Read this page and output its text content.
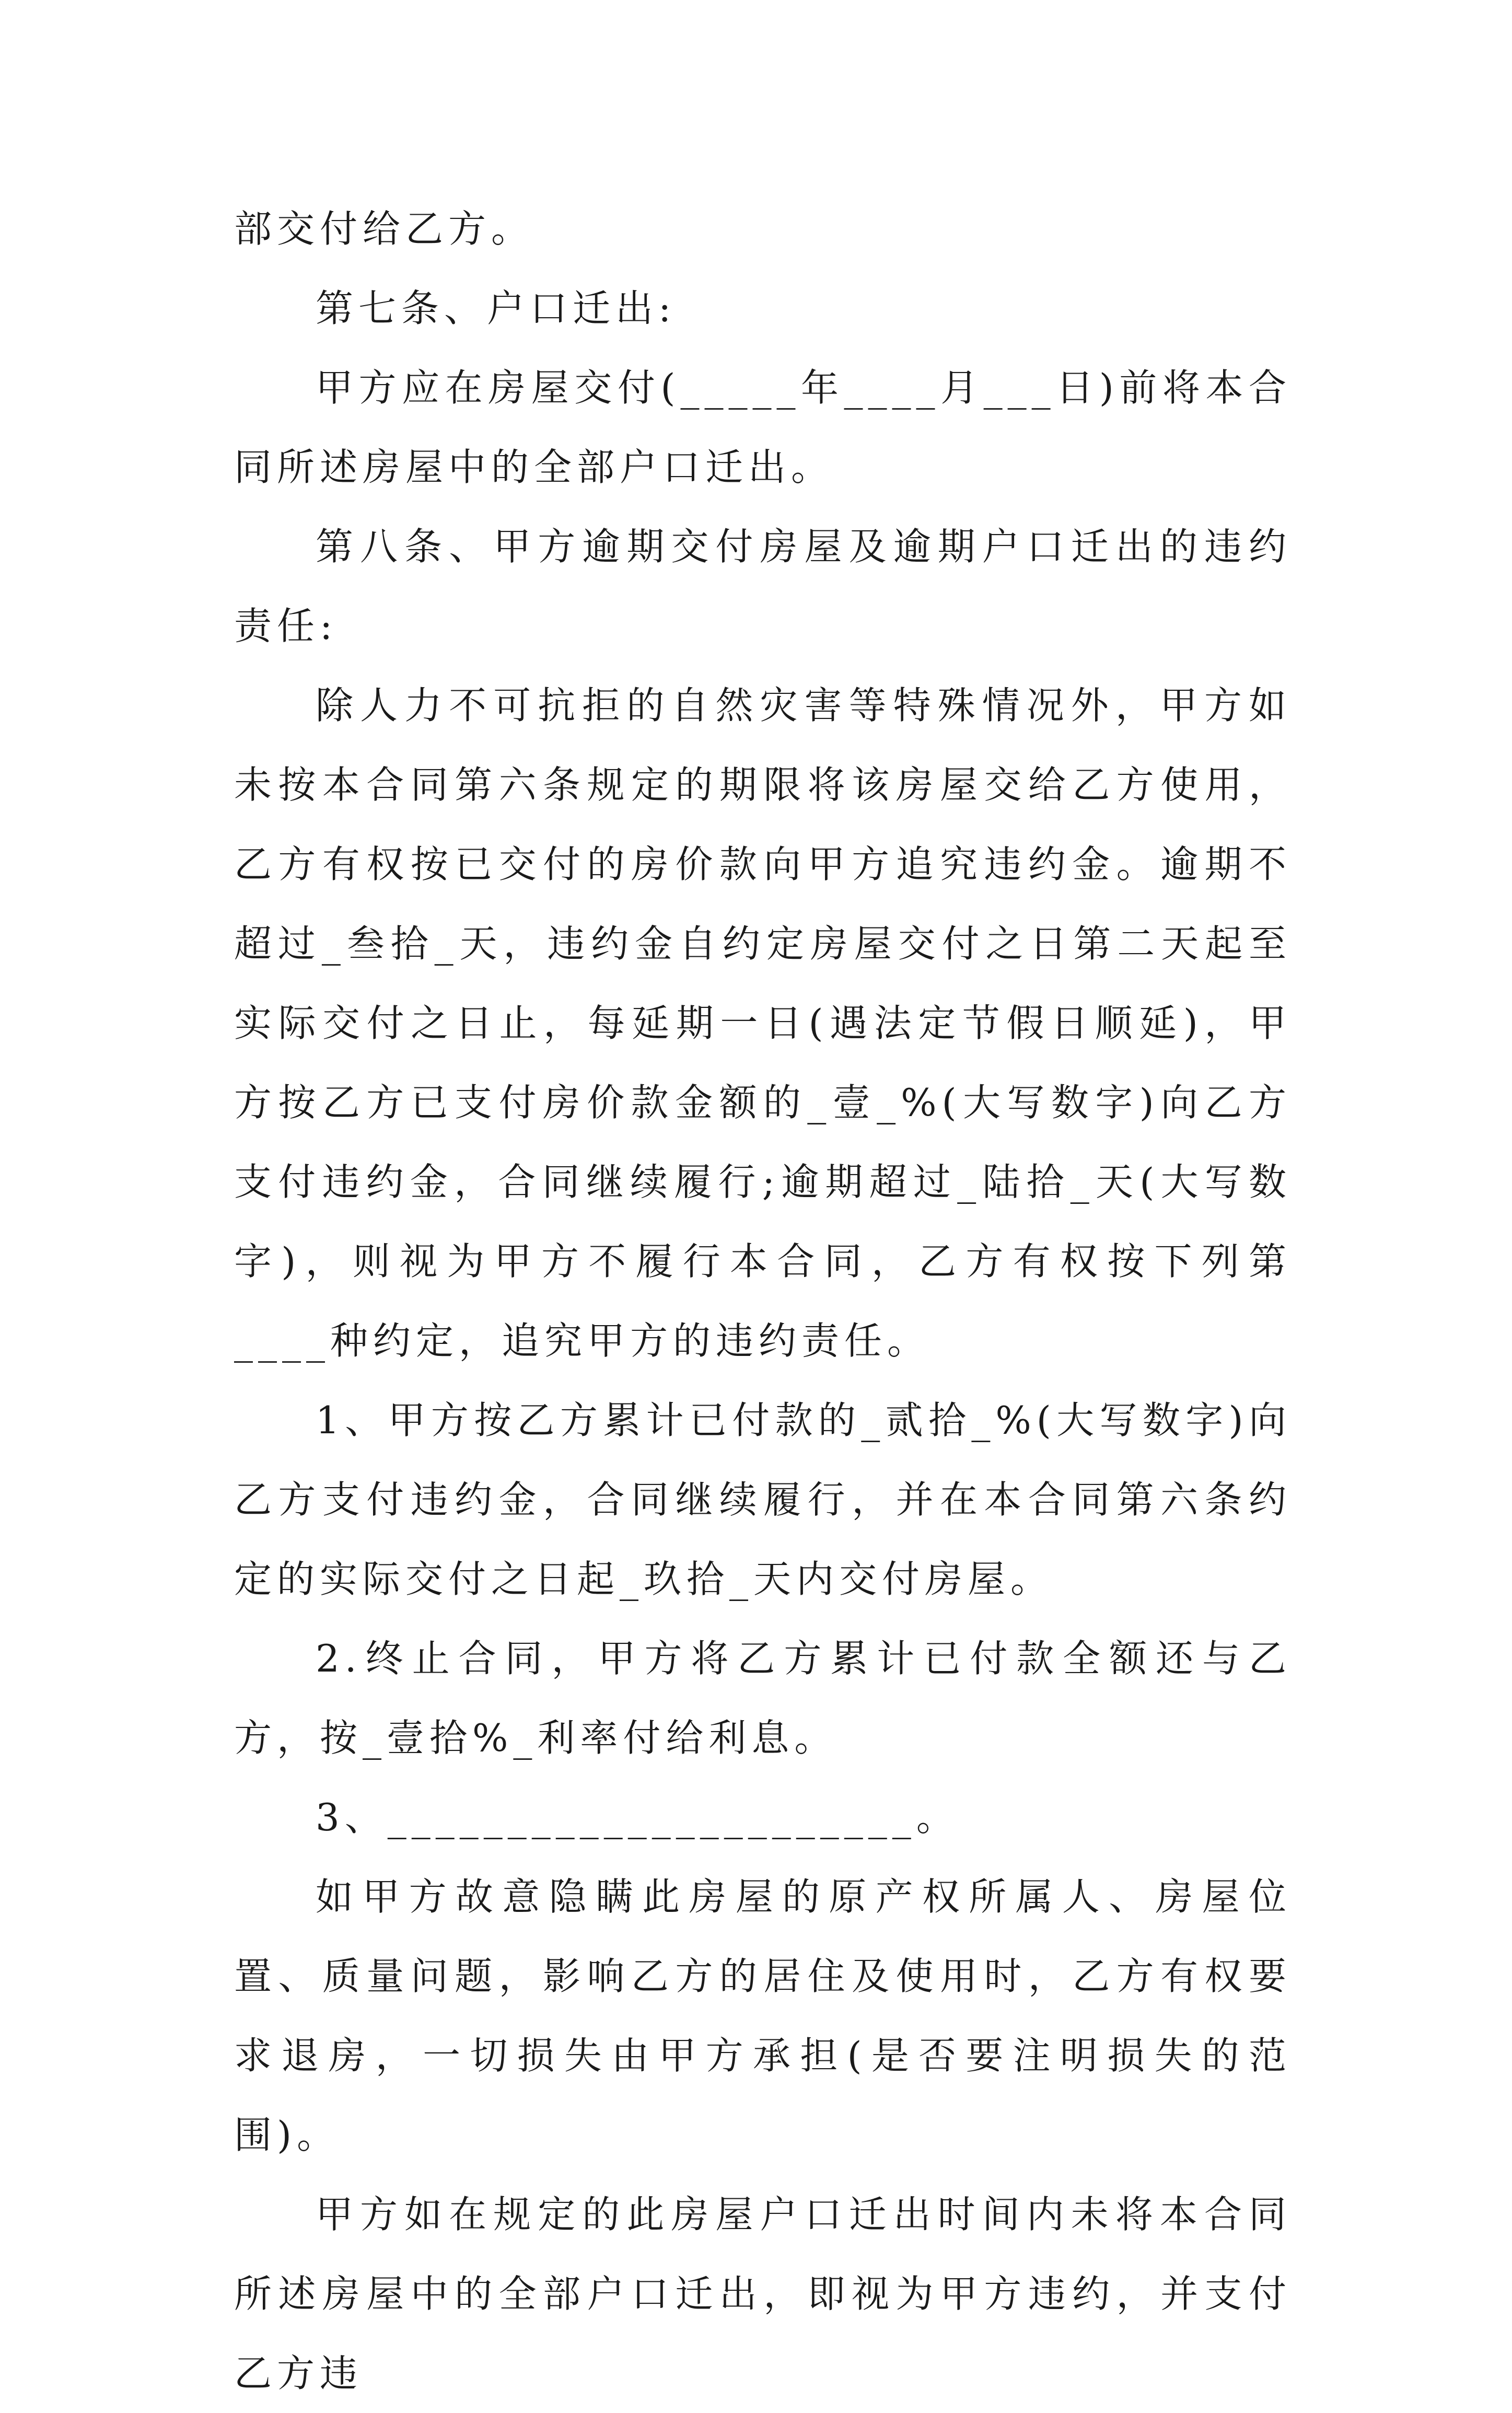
部交付给乙方。

第七条、户口迁出:

甲方应在房屋交付(_____年____月___日)前将本合同所述房屋中的全部户口迁出。

第八条、甲方逾期交付房屋及逾期户口迁出的违约责任:

除人力不可抗拒的自然灾害等特殊情况外，甲方如未按本合同第六条规定的期限将该房屋交给乙方使用，乙方有权按已交付的房价款向甲方追究违约金。逾期不超过_叁拾_天，违约金自约定房屋交付之日第二天起至实际交付之日止，每延期一日(遇法定节假日顺延)，甲方按乙方已支付房价款金额的_壹_%(大写数字)向乙方支付违约金，合同继续履行;逾期超过_陆拾_天(大写数字)，则视为甲方不履行本合同，乙方有权按下列第____种约定，追究甲方的违约责任。

1、甲方按乙方累计已付款的_贰拾_%(大写数字)向乙方支付违约金，合同继续履行，并在本合同第六条约定的实际交付之日起_玖拾_天内交付房屋。

2.终止合同，甲方将乙方累计已付款全额还与乙方，按_壹拾%_利率付给利息。

3、______________________。

如甲方故意隐瞒此房屋的原产权所属人、房屋位置、质量问题，影响乙方的居住及使用时，乙方有权要求退房，一切损失由甲方承担(是否要注明损失的范围)。

甲方如在规定的此房屋户口迁出时间内未将本合同所述房屋中的全部户口迁出，即视为甲方违约，并支付乙方违
